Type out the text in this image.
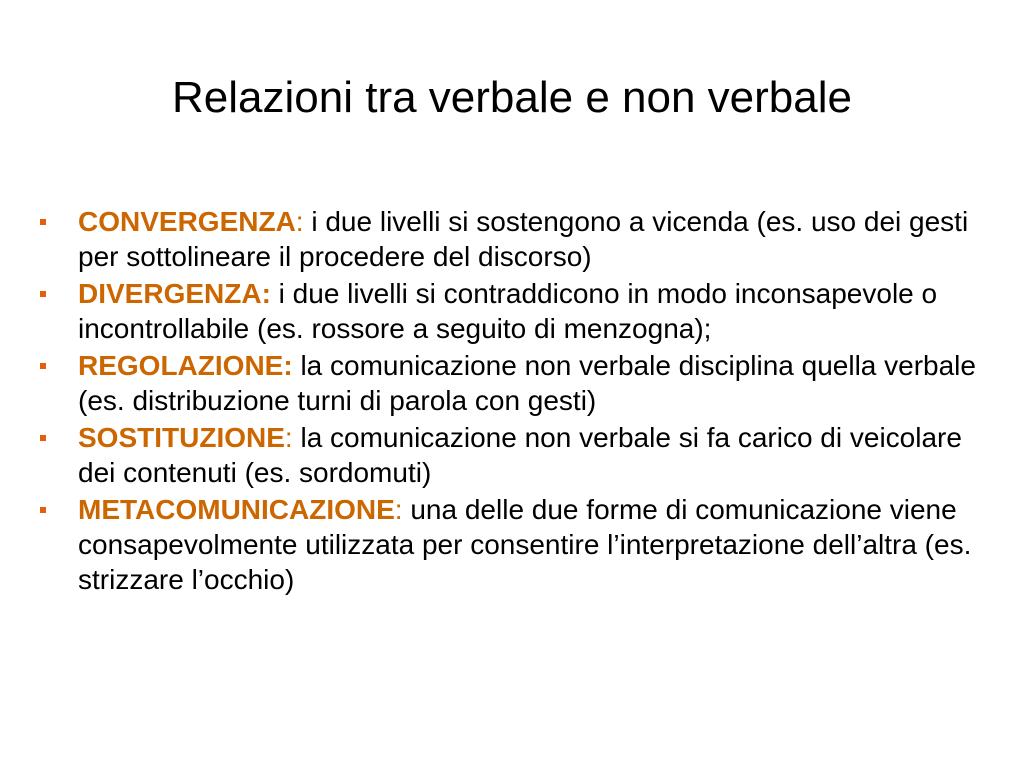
Relazioni tra verbale e non verbale
CONVERGENZA: i due livelli si sostengono a vicenda (es. uso dei gesti per sottolineare il procedere del discorso)
DIVERGENZA: i due livelli si contraddicono in modo inconsapevole o incontrollabile (es. rossore a seguito di menzogna);
REGOLAZIONE: la comunicazione non verbale disciplina quella verbale (es. distribuzione turni di parola con gesti)
SOSTITUZIONE: la comunicazione non verbale si fa carico di veicolare dei contenuti (es. sordomuti)
METACOMUNICAZIONE: una delle due forme di comunicazione viene consapevolmente utilizzata per consentire l’interpretazione dell’altra (es. strizzare l’occhio)
